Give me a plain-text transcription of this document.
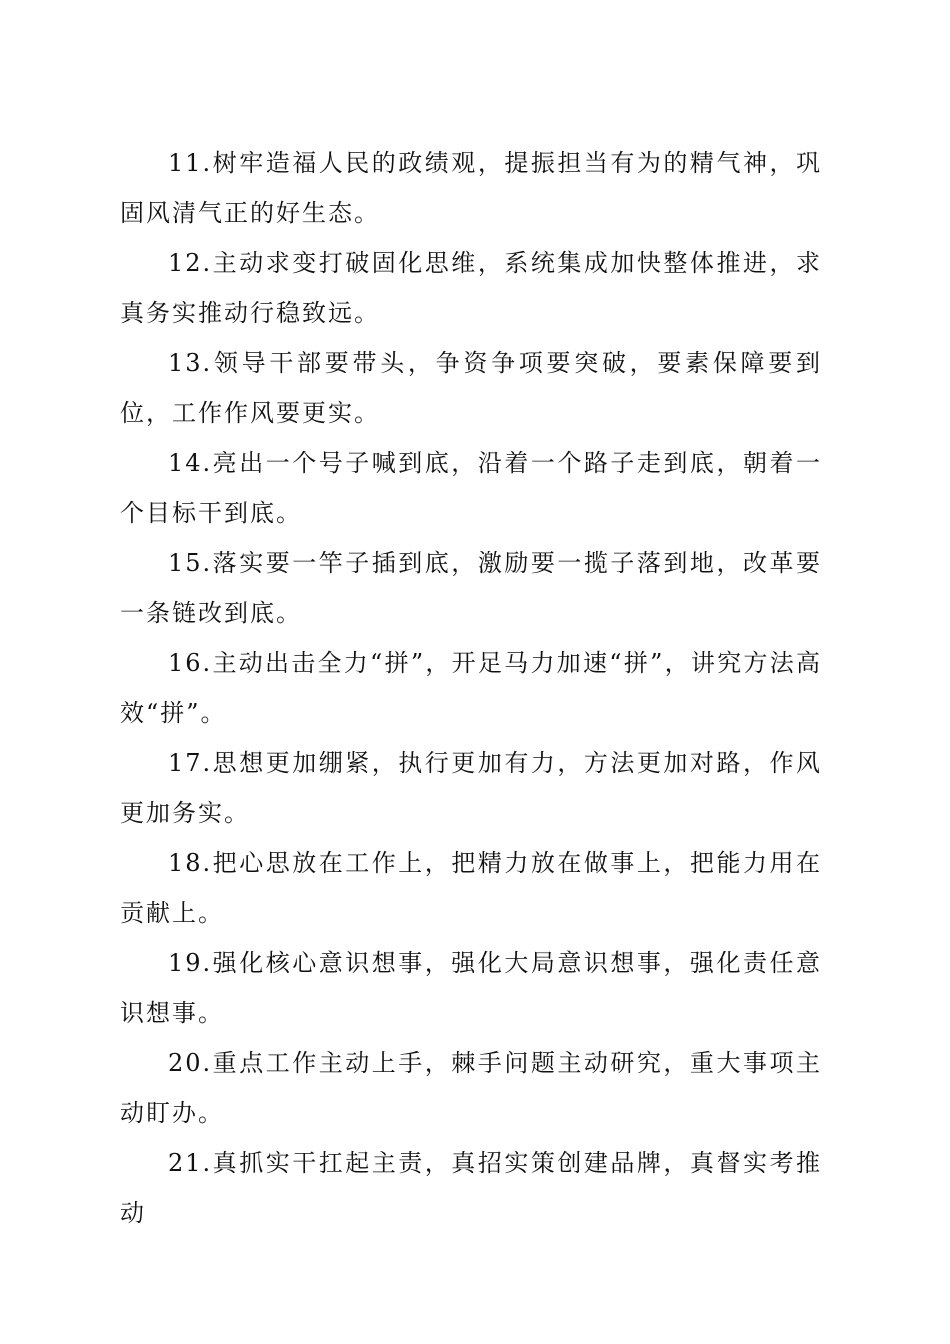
11.树牢造福人民的政绩观，提振担当有为的精气神，巩固风清气正的好生态。

12.主动求变打破固化思维，系统集成加快整体推进，求真务实推动行稳致远。

13.领导干部要带头，争资争项要突破，要素保障要到位，工作作风要更实。

14.亮出一个号子喊到底，沿着一个路子走到底，朝着一个目标干到底。

15.落实要一竿子插到底，激励要一揽子落到地，改革要一条链改到底。

16.主动出击全力“拼”，开足马力加速“拼”，讲究方法高效“拼”。

17.思想更加绷紧，执行更加有力，方法更加对路，作风更加务实。

18.把心思放在工作上，把精力放在做事上，把能力用在贡献上。

19.强化核心意识想事，强化大局意识想事，强化责任意识想事。

20.重点工作主动上手，棘手问题主动研究，重大事项主动盯办。

21.真抓实干扛起主责，真招实策创建品牌，真督实考推动
